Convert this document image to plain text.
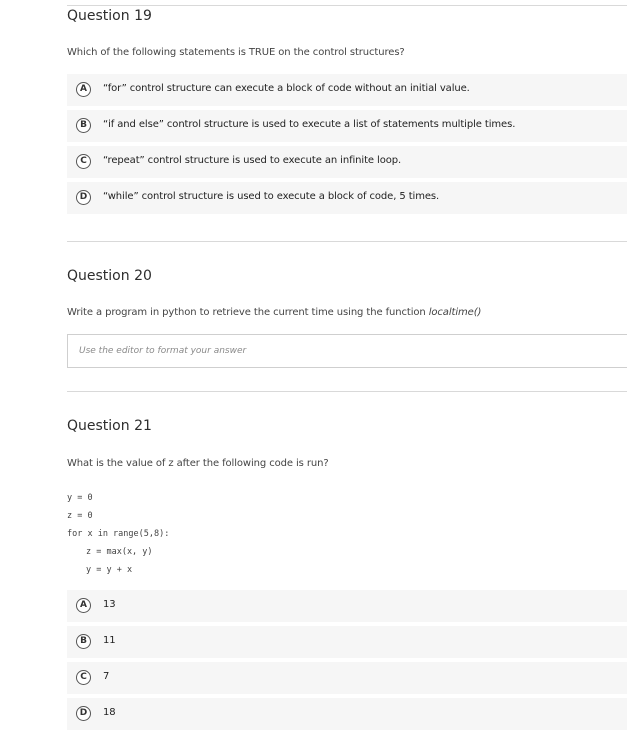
Question 19
Which of the following statements is TRUE on the control structures?
A	“for” control structure can execute a block of code without an initial value.
B	“if and else” control structure is used to execute a list of statements multiple times.
C	“repeat” control structure is used to execute an infinite loop.
D	“while” control structure is used to execute a block of code, 5 times.
Question 20
Write a program in python to retrieve the current time using the function localtime()
Use the editor to format your answer
Question 21
What is the value of z after the following code is run?
y = 0
z = 0
for x in range(5,8):
z = max(x, y)
y = y + x
A	13
B	11
C	7
D	18
